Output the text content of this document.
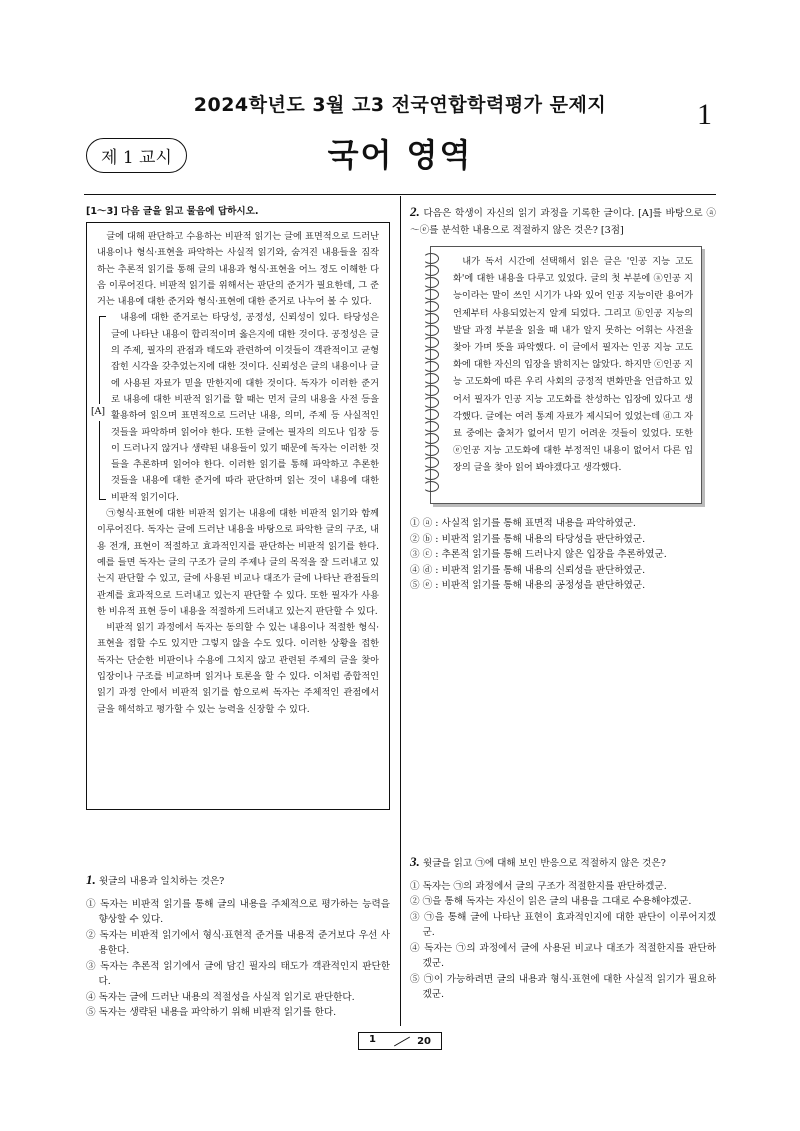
2024학년도 3월 고3 전국연합학력평가 문제지	1
제 1 교시	국어 영역
[1～3] 다음 글을 읽고 물음에 답하시오.

글에 대해 판단하고 수용하는 비판적 읽기는 글에 표면적으로 드러난 내용이나 형식·표현을 파악하는 사실적 읽기와, 숨겨진 내용들을 짐작하는 추론적 읽기를 통해 글의 내용과 형식·표현을 어느 정도 이해한 다음 이루어진다. 비판적 읽기를 위해서는 판단의 준거가 필요한데, 그 준거는 내용에 대한 준거와 형식·표현에 대한 준거로 나누어 볼 수 있다.

[A]

내용에 대한 준거로는 타당성, 공정성, 신뢰성이 있다. 타당성은 글에 나타난 내용이 합리적이며 옳은지에 대한 것이다. 공정성은 글의 주제, 필자의 관점과 태도와 관련하여 이것들이 객관적이고 균형 잡힌 시각을 갖추었는지에 대한 것이다. 신뢰성은 글의 내용이나 글에 사용된 자료가 믿을 만한지에 대한 것이다. 독자가 이러한 준거로 내용에 대한 비판적 읽기를 할 때는 먼저 글의 내용을 사전 등을 활용하여 읽으며 표면적으로 드러난 내용, 의미, 주제 등 사실적인 것들을 파악하며 읽어야 한다. 또한 글에는 필자의 의도나 입장 등이 드러나지 않거나 생략된 내용들이 있기 때문에 독자는 이러한 것들을 추론하며 읽어야 한다. 이러한 읽기를 통해 파악하고 추론한 것들을 내용에 대한 준거에 따라 판단하며 읽는 것이 내용에 대한 비판적 읽기이다.

㉠형식·표현에 대한 비판적 읽기는 내용에 대한 비판적 읽기와 함께 이루어진다. 독자는 글에 드러난 내용을 바탕으로 파악한 글의 구조, 내용 전개, 표현이 적절하고 효과적인지를 판단하는 비판적 읽기를 한다. 예를 들면 독자는 글의 구조가 글의 주제나 글의 목적을 잘 드러내고 있는지 판단할 수 있고, 글에 사용된 비교나 대조가 글에 나타난 관점들의 관계를 효과적으로 드러내고 있는지 판단할 수 있다. 또한 필자가 사용한 비유적 표현 등이 내용을 적절하게 드러내고 있는지 판단할 수 있다.

비판적 읽기 과정에서 독자는 동의할 수 있는 내용이나 적절한 형식·표현을 접할 수도 있지만 그렇지 않을 수도 있다. 이러한 상황을 접한 독자는 단순한 비판이나 수용에 그치지 않고 관련된 주제의 글을 찾아 입장이나 구조를 비교하며 읽거나 토론을 할 수 있다. 이처럼 종합적인 읽기 과정 안에서 비판적 읽기를 함으로써 독자는 주체적인 관점에서 글을 해석하고 평가할 수 있는 능력을 신장할 수 있다.

1. 윗글의 내용과 일치하는 것은?
① 독자는 비판적 읽기를 통해 글의 내용을 주체적으로 평가하는 능력을 향상할 수 있다.
② 독자는 비판적 읽기에서 형식·표현적 준거를 내용적 준거보다 우선 사용한다.
③ 독자는 추론적 읽기에서 글에 담긴 필자의 태도가 객관적인지 판단한다.
④ 독자는 글에 드러난 내용의 적절성을 사실적 읽기로 판단한다.
⑤ 독자는 생략된 내용을 파악하기 위해 비판적 읽기를 한다.
2. 다음은 학생이 자신의 읽기 과정을 기록한 글이다. [A]를 바탕으로 ⓐ～ⓔ를 분석한 내용으로 적절하지 않은 것은? [3점]

내가 독서 시간에 선택해서 읽은 글은 '인공 지능 고도화'에 대한 내용을 다루고 있었다. 글의 첫 부분에 ⓐ인공 지능이라는 말이 쓰인 시기가 나와 있어 인공 지능이란 용어가 언제부터 사용되었는지 알게 되었다. 그리고 ⓑ인공 지능의 발달 과정 부분을 읽을 때 내가 알지 못하는 어휘는 사전을 찾아 가며 뜻을 파악했다. 이 글에서 필자는 인공 지능 고도화에 대한 자신의 입장을 밝히지는 않았다. 하지만 ⓒ인공 지능 고도화에 따른 우리 사회의 긍정적 변화만을 언급하고 있어서 필자가 인공 지능 고도화를 찬성하는 입장에 있다고 생각했다. 글에는 여러 통계 자료가 제시되어 있었는데 ⓓ그 자료 중에는 출처가 없어서 믿기 어려운 것들이 있었다. 또한 ⓔ인공 지능 고도화에 대한 부정적인 내용이 없어서 다른 입장의 글을 찾아 읽어 봐야겠다고 생각했다.

① ⓐ : 사실적 읽기를 통해 표면적 내용을 파악하였군.
② ⓑ : 비판적 읽기를 통해 내용의 타당성을 판단하였군.
③ ⓒ : 추론적 읽기를 통해 드러나지 않은 입장을 추론하였군.
④ ⓓ : 비판적 읽기를 통해 내용의 신뢰성을 판단하였군.
⑤ ⓔ : 비판적 읽기를 통해 내용의 공정성을 판단하였군.
3. 윗글을 읽고 ㉠에 대해 보인 반응으로 적절하지 않은 것은?
① 독자는 ㉠의 과정에서 글의 구조가 적절한지를 판단하겠군.
② ㉠을 통해 독자는 자신이 읽은 글의 내용을 그대로 수용해야겠군.
③ ㉠을 통해 글에 나타난 표현이 효과적인지에 대한 판단이 이루어지겠군.
④ 독자는 ㉠의 과정에서 글에 사용된 비교나 대조가 적절한지를 판단하겠군.
⑤ ㉠이 가능하려면 글의 내용과 형식·표현에 대한 사실적 읽기가 필요하겠군.
1	20
